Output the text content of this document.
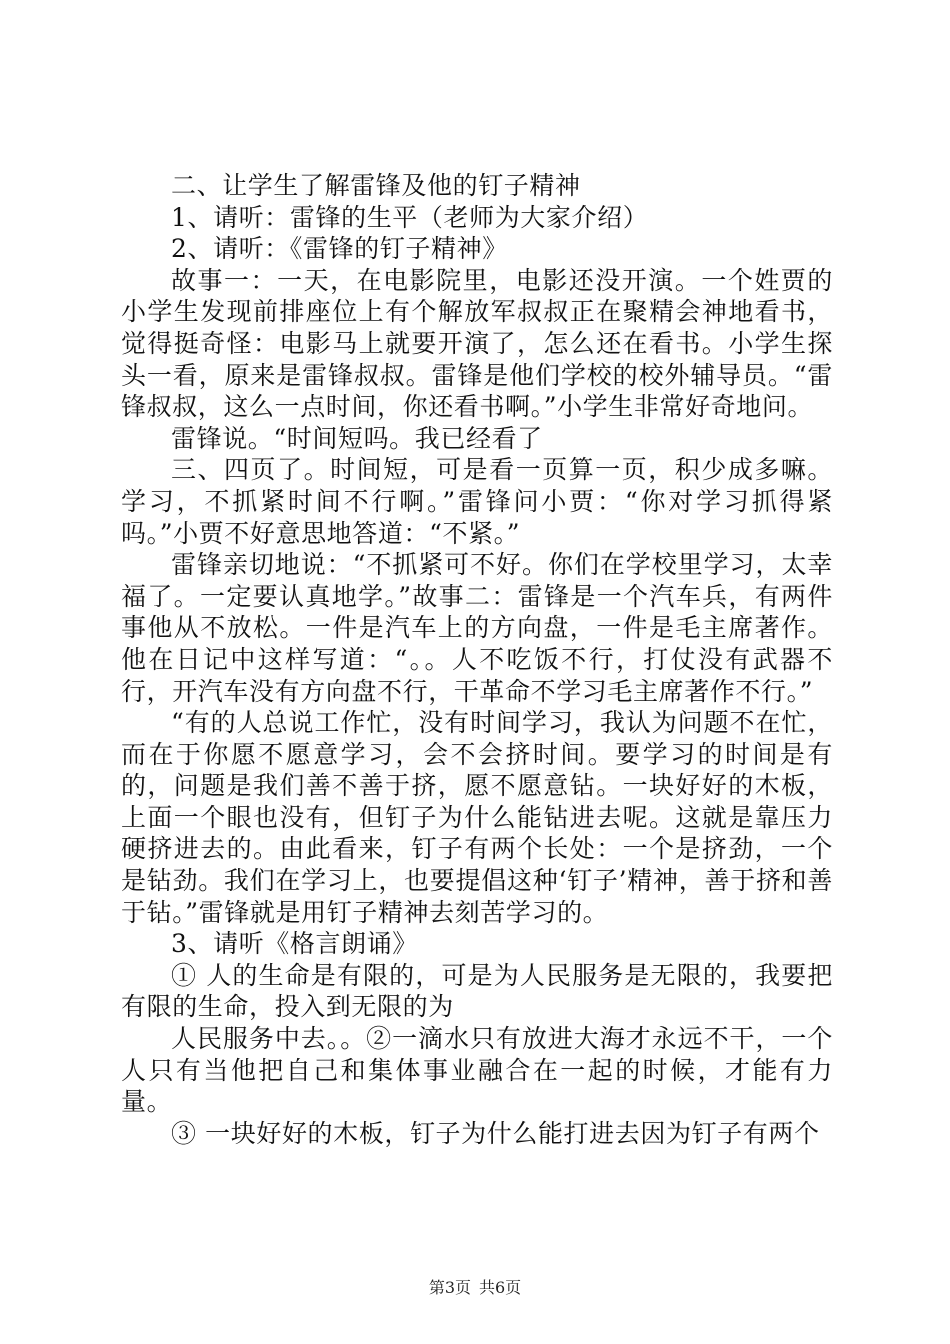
二、让学生了解雷锋及他的钉子精神

1、请听：雷锋的生平（老师为大家介绍）

2、请听：《雷锋的钉子精神》

故事一：一天，在电影院里，电影还没开演。一个姓贾的小学生发现前排座位上有个解放军叔叔正在聚精会神地看书，觉得挺奇怪：电影马上就要开演了，怎么还在看书。小学生探头一看，原来是雷锋叔叔。雷锋是他们学校的校外辅导员。“雷锋叔叔，这么一点时间，你还看书啊。”小学生非常好奇地问。

雷锋说。“时间短吗。我已经看了

三、四页了。时间短，可是看一页算一页，积少成多嘛。学习，不抓紧时间不行啊。”雷锋问小贾：“你对学习抓得紧吗。”小贾不好意思地答道：“不紧。”

雷锋亲切地说：“不抓紧可不好。你们在学校里学习，太幸福了。一定要认真地学。”故事二：雷锋是一个汽车兵，有两件事他从不放松。一件是汽车上的方向盘，一件是毛主席著作。他在日记中这样写道：“。。人不吃饭不行，打仗没有武器不行，开汽车没有方向盘不行，干革命不学习毛主席著作不行。”

“有的人总说工作忙，没有时间学习，我认为问题不在忙，而在于你愿不愿意学习，会不会挤时间。要学习的时间是有的，问题是我们善不善于挤，愿不愿意钻。一块好好的木板，上面一个眼也没有，但钉子为什么能钻进去呢。这就是靠压力硬挤进去的。由此看来，钉子有两个长处：一个是挤劲，一个是钻劲。我们在学习上，也要提倡这种‘钉子’精神，善于挤和善于钻。”雷锋就是用钉子精神去刻苦学习的。

3、请听《格言朗诵》

① 人的生命是有限的，可是为人民服务是无限的，我要把有限的生命，投入到无限的为

人民服务中去。。②一滴水只有放进大海才永远不干，一个人只有当他把自己和集体事业融合在一起的时候，才能有力量。

③ 一块好好的木板，钉子为什么能打进去因为钉子有两个

第3页 共6页
